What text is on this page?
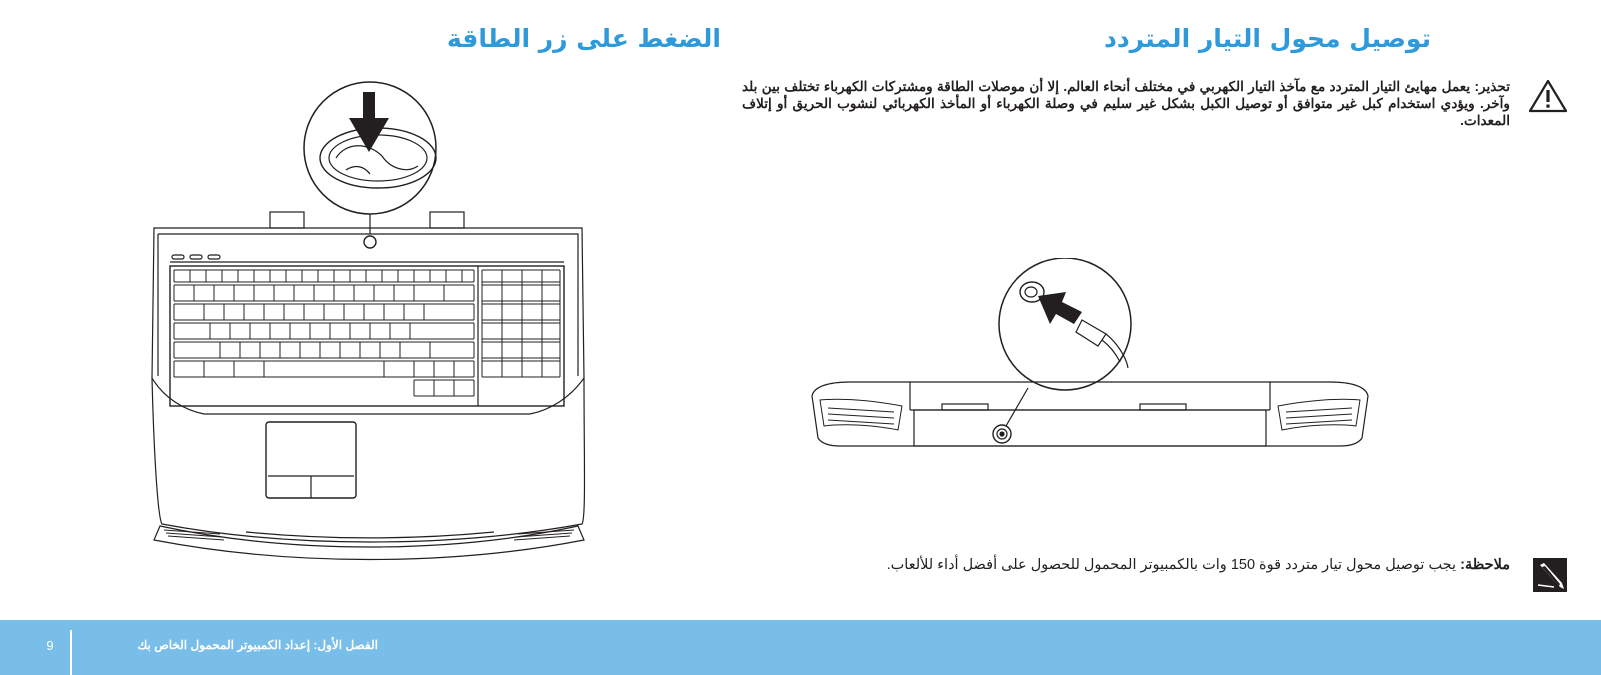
توصيل محول التيار المتردد
الضغط على زر الطاقة
تحذير: يعمل مهايئ التيار المتردد مع مآخذ التيار الكهربي في مختلف أنحاء العالم. إلا أن موصلات الطاقة ومشتركات الكهرباء تختلف بين بلد وآخر. ويؤدي استخدام كبل غير متوافق أو توصيل الكبل بشكل غير سليم في وصلة الكهرباء أو المأخذ الكهربائي لنشوب الحريق أو إتلاف المعدات.
ملاحظة: يجب توصيل محول تيار متردد قوة 150 وات بالكمبيوتر المحمول للحصول على أفضل أداء للألعاب.
9	الفصل الأول: إعداد الكمبيوتر المحمول الخاص بك
